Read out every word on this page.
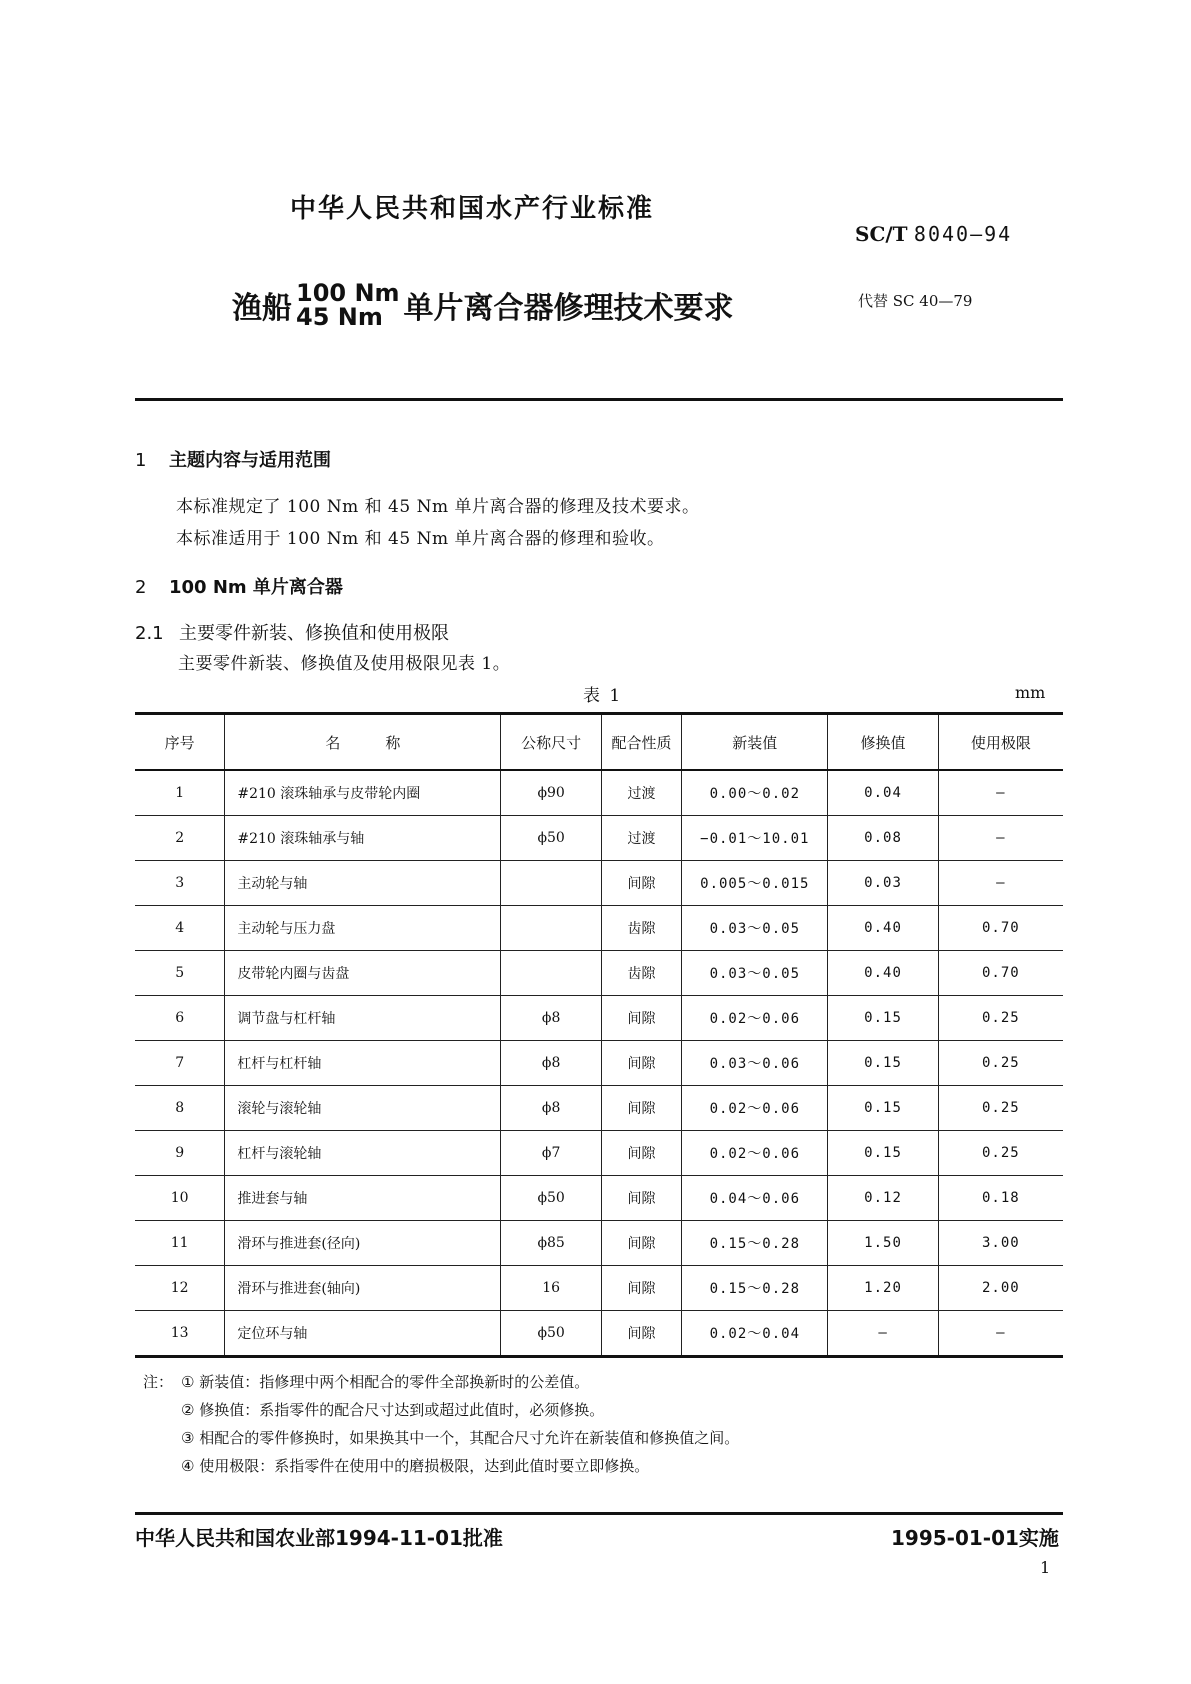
中华人民共和国水产行业标准
SC/T 8040—94
渔船 100 Nm
45 Nm 单片离合器修理技术要求	代替 SC 40—79
1 主题内容与适用范围
本标准规定了 100 Nm 和 45 Nm 单片离合器的修理及技术要求。
本标准适用于 100 Nm 和 45 Nm 单片离合器的修理和验收。
2 100 Nm 单片离合器
2.1 主要零件新装、修换值和使用极限
主要零件新装、修换值及使用极限见表 1。
表 1	mm
序号	名　　　称	公称尺寸	配合性质	新装值	修换值	使用极限
1	#210 滚珠轴承与皮带轮内圈	ϕ90	过渡	0.00～0.02	0.04	—
2	#210 滚珠轴承与轴	ϕ50	过渡	−0.01～10.01	0.08	—
3	主动轮与轴		间隙	0.005～0.015	0.03	—
4	主动轮与压力盘		齿隙	0.03～0.05	0.40	0.70
5	皮带轮内圈与齿盘		齿隙	0.03～0.05	0.40	0.70
6	调节盘与杠杆轴	ϕ8	间隙	0.02～0.06	0.15	0.25
7	杠杆与杠杆轴	ϕ8	间隙	0.03～0.06	0.15	0.25
8	滚轮与滚轮轴	ϕ8	间隙	0.02～0.06	0.15	0.25
9	杠杆与滚轮轴	ϕ7	间隙	0.02～0.06	0.15	0.25
10	推进套与轴	ϕ50	间隙	0.04～0.06	0.12	0.18
11	滑环与推进套(径向)	ϕ85	间隙	0.15～0.28	1.50	3.00
12	滑环与推进套(轴向)	16	间隙	0.15～0.28	1.20	2.00
13	定位环与轴	ϕ50	间隙	0.02～0.04	—	—
注： ① 新装值：指修理中两个相配合的零件全部换新时的公差值。
② 修换值：系指零件的配合尺寸达到或超过此值时，必须修换。
③ 相配合的零件修换时，如果换其中一个，其配合尺寸允许在新装值和修换值之间。
④ 使用极限：系指零件在使用中的磨损极限，达到此值时要立即修换。
中华人民共和国农业部1994-11-01批准	1995-01-01实施
1
